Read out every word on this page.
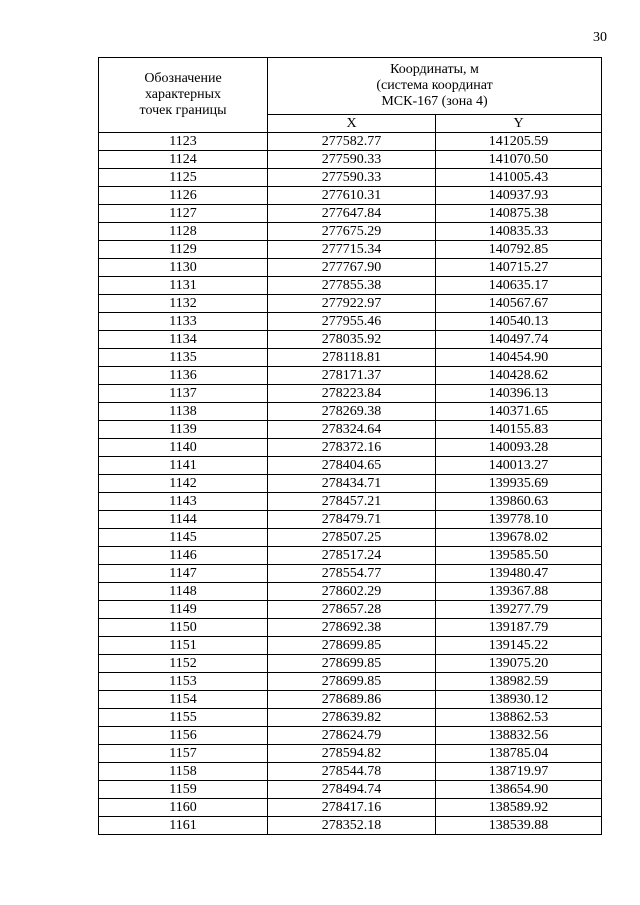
30
Обозначение
характерных
точек границы	Координаты, м
(система координат
МСК-167 (зона 4)	
	X	Y
1123	277582.77	141205.59
1124	277590.33	141070.50
1125	277590.33	141005.43
1126	277610.31	140937.93
1127	277647.84	140875.38
1128	277675.29	140835.33
1129	277715.34	140792.85
1130	277767.90	140715.27
1131	277855.38	140635.17
1132	277922.97	140567.67
1133	277955.46	140540.13
1134	278035.92	140497.74
1135	278118.81	140454.90
1136	278171.37	140428.62
1137	278223.84	140396.13
1138	278269.38	140371.65
1139	278324.64	140155.83
1140	278372.16	140093.28
1141	278404.65	140013.27
1142	278434.71	139935.69
1143	278457.21	139860.63
1144	278479.71	139778.10
1145	278507.25	139678.02
1146	278517.24	139585.50
1147	278554.77	139480.47
1148	278602.29	139367.88
1149	278657.28	139277.79
1150	278692.38	139187.79
1151	278699.85	139145.22
1152	278699.85	139075.20
1153	278699.85	138982.59
1154	278689.86	138930.12
1155	278639.82	138862.53
1156	278624.79	138832.56
1157	278594.82	138785.04
1158	278544.78	138719.97
1159	278494.74	138654.90
1160	278417.16	138589.92
1161	278352.18	138539.88
